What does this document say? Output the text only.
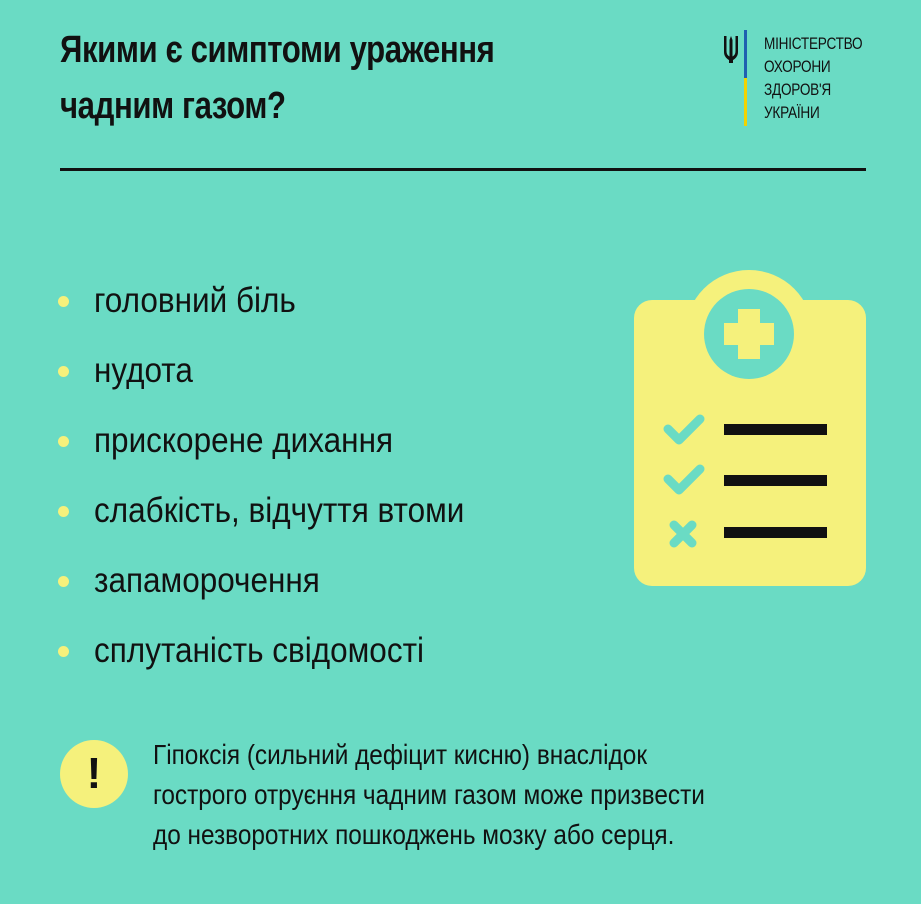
Якими є симптоми ураження
чадним газом?
МІНІСТЕРСТВО
ОХОРОНИ
ЗДОРОВ'Я
УКРАЇНИ
головний біль
нудота
прискорене дихання
слабкість, відчуття втоми
запаморочення
сплутаність свідомості
!	Гіпоксія (сильний дефіцит кисню) внаслідок
гострого отруєння чадним газом може призвести
до незворотних пошкоджень мозку або серця.
